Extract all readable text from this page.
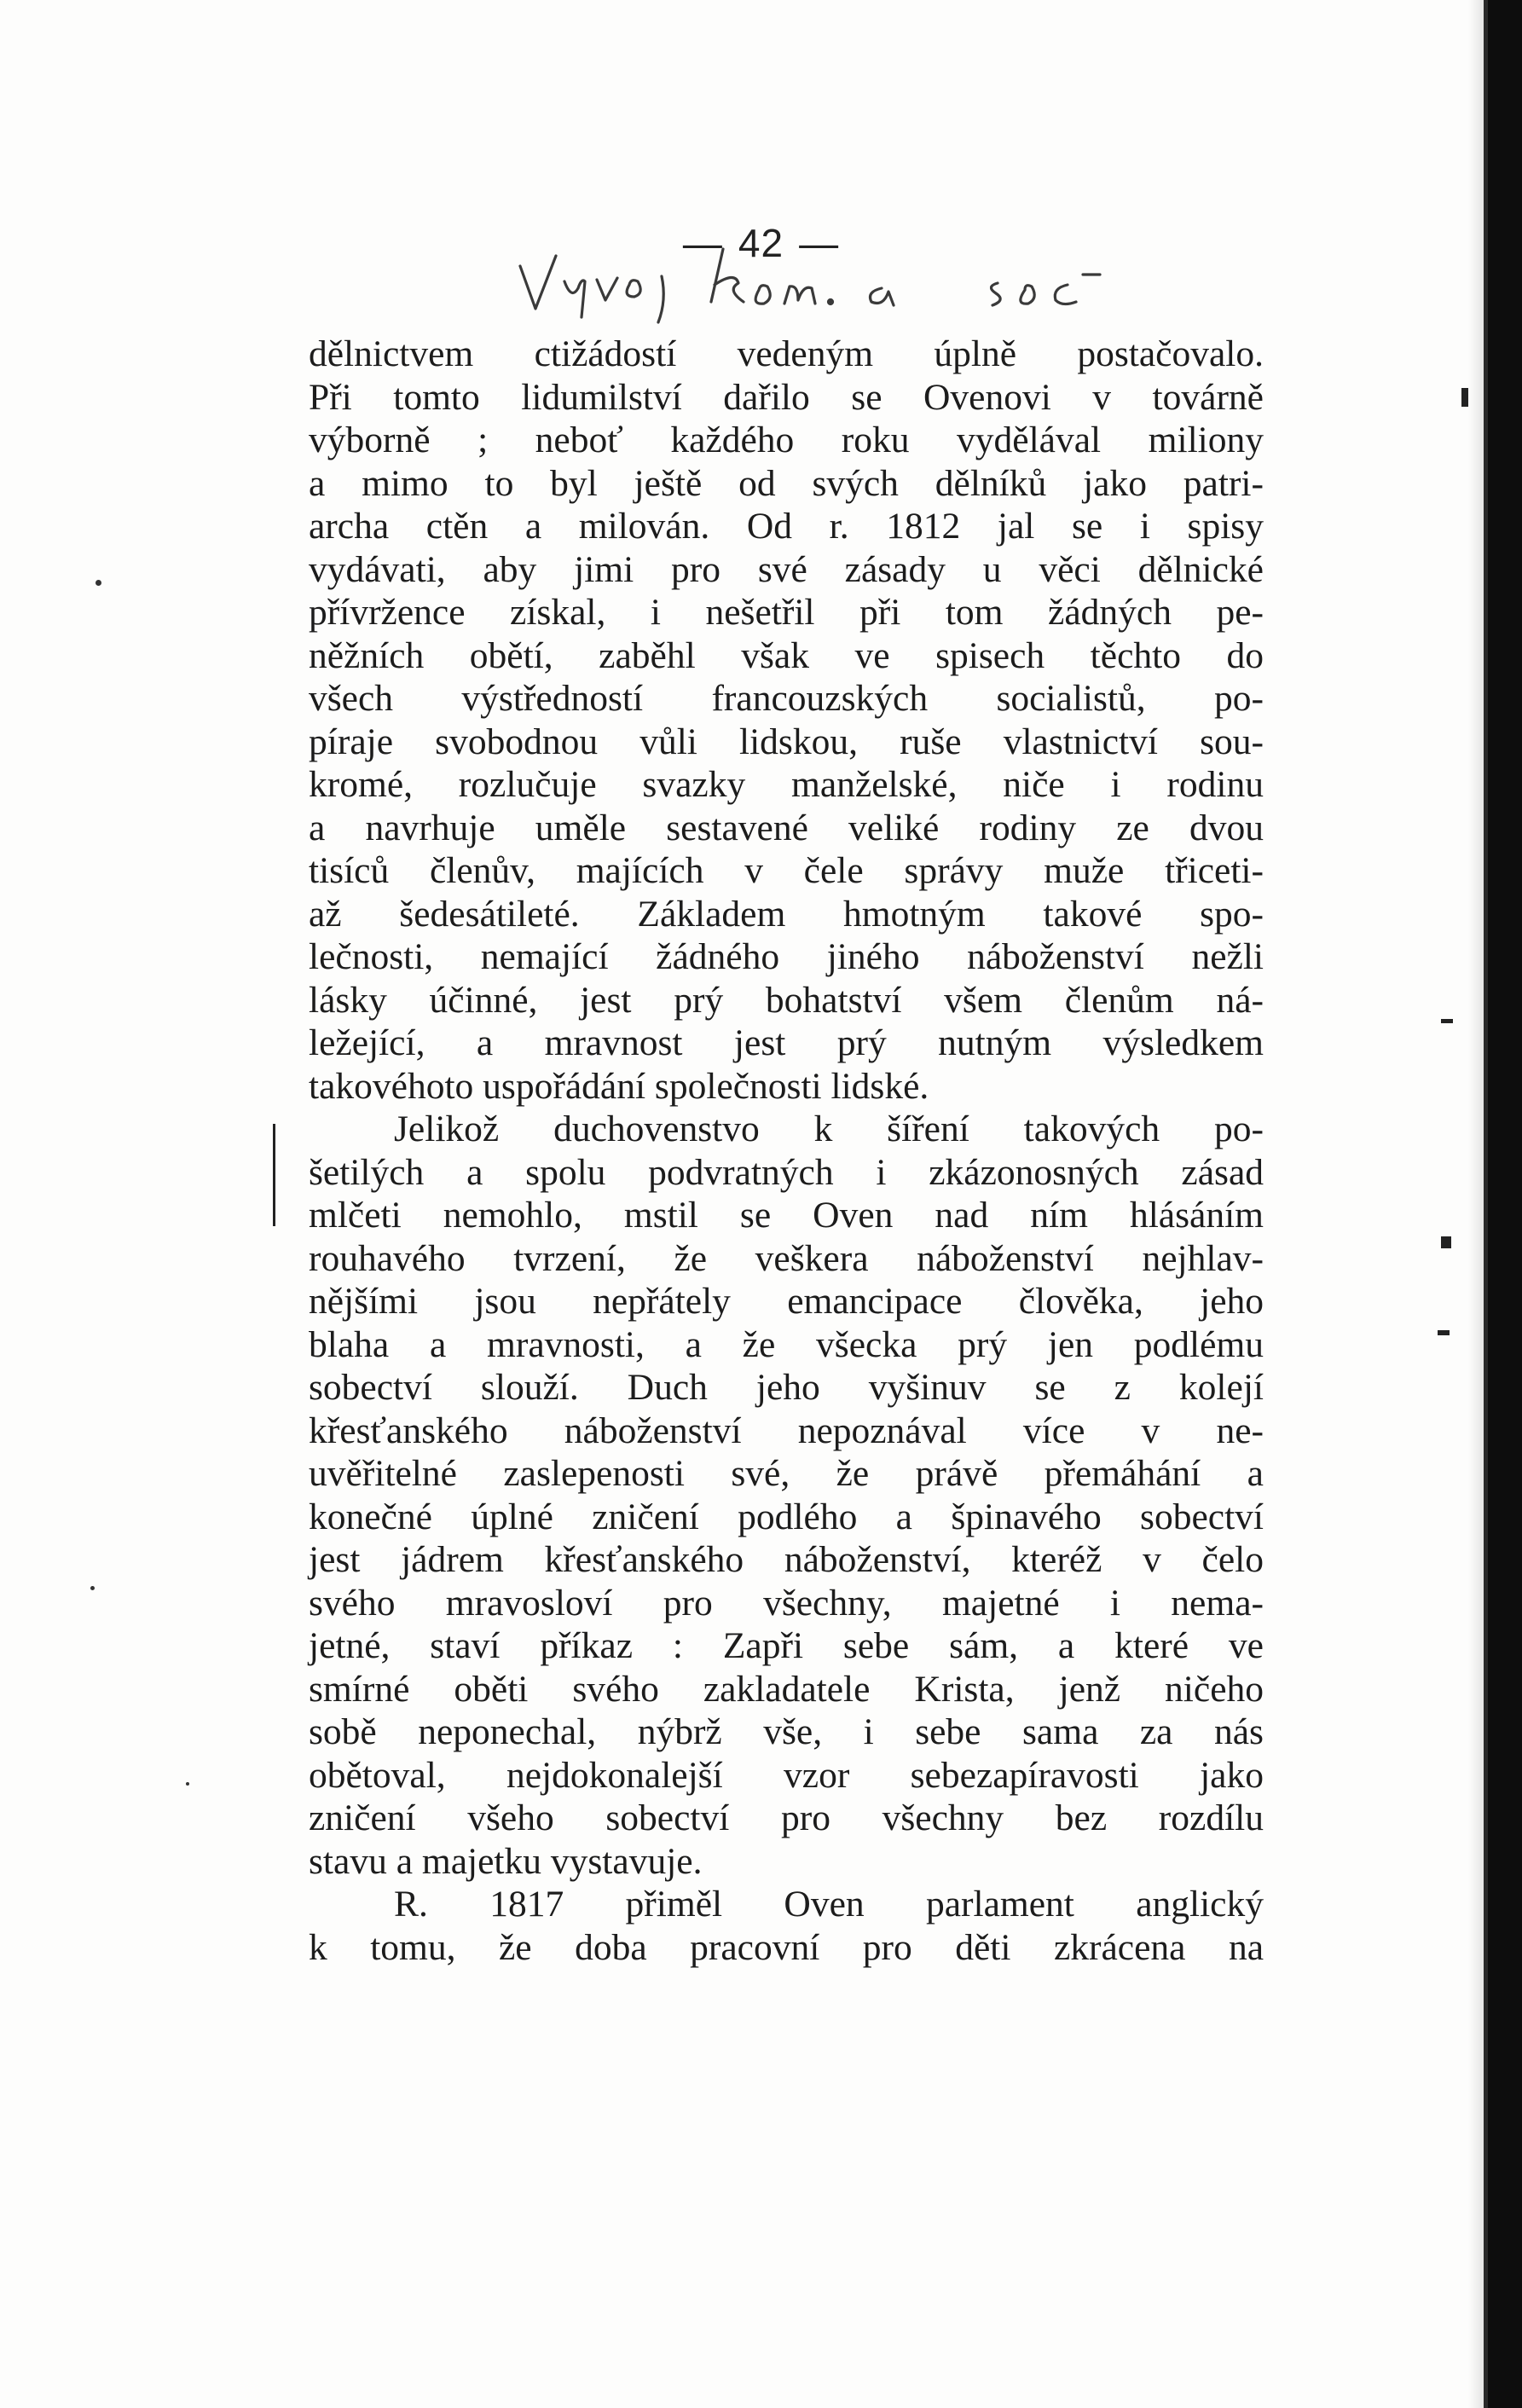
— 42 —
dělnictvem ctižádostí vedeným úplně postačovalo.
Při tomto lidumilství dařilo se Ovenovi v továrně
výborně ; neboť každého roku vydělával miliony
a mimo to byl ještě od svých dělníků jako patri-
archa ctěn a milován. Od r. 1812 jal se i spisy
vydávati, aby jimi pro své zásady u věci dělnické
přívržence získal, i nešetřil při tom žádných pe-
něžních obětí, zaběhl však ve spisech těchto do
všech výstředností francouzských socialistů, po-
píraje svobodnou vůli lidskou, ruše vlastnictví sou-
kromé, rozlučuje svazky manželské, niče i rodinu
a navrhuje uměle sestavené veliké rodiny ze dvou
tisíců členův, majících v čele správy muže třiceti-
až šedesátileté. Základem hmotným takové spo-
lečnosti, nemající žádného jiného náboženství nežli
lásky účinné, jest prý bohatství všem členům ná-
ležející, a mravnost jest prý nutným výsledkem
takovéhoto uspořádání společnosti lidské.
Jelikož duchovenstvo k šíření takových po-
šetilých a spolu podvratných i zkázonosných zásad
mlčeti nemohlo, mstil se Oven nad ním hlásáním
rouhavého tvrzení, že veškera náboženství nejhlav-
nějšími jsou nepřátely emancipace člověka, jeho
blaha a mravnosti, a že všecka prý jen podlému
sobectví slouží. Duch jeho vyšinuv se z kolejí
křesťanského náboženství nepoznával více v ne-
uvěřitelné zaslepenosti své, že právě přemáhání a
konečné úplné zničení podlého a špinavého sobectví
jest jádrem křesťanského náboženství, kteréž v čelo
svého mravosloví pro všechny, majetné i nema-
jetné, staví příkaz : Zapři sebe sám, a které ve
smírné oběti svého zakladatele Krista, jenž ničeho
sobě neponechal, nýbrž vše, i sebe sama za nás
obětoval, nejdokonalejší vzor sebezapíravosti jako
zničení všeho sobectví pro všechny bez rozdílu
stavu a majetku vystavuje.
R. 1817 přiměl Oven parlament anglický
k tomu, že doba pracovní pro děti zkrácena na
